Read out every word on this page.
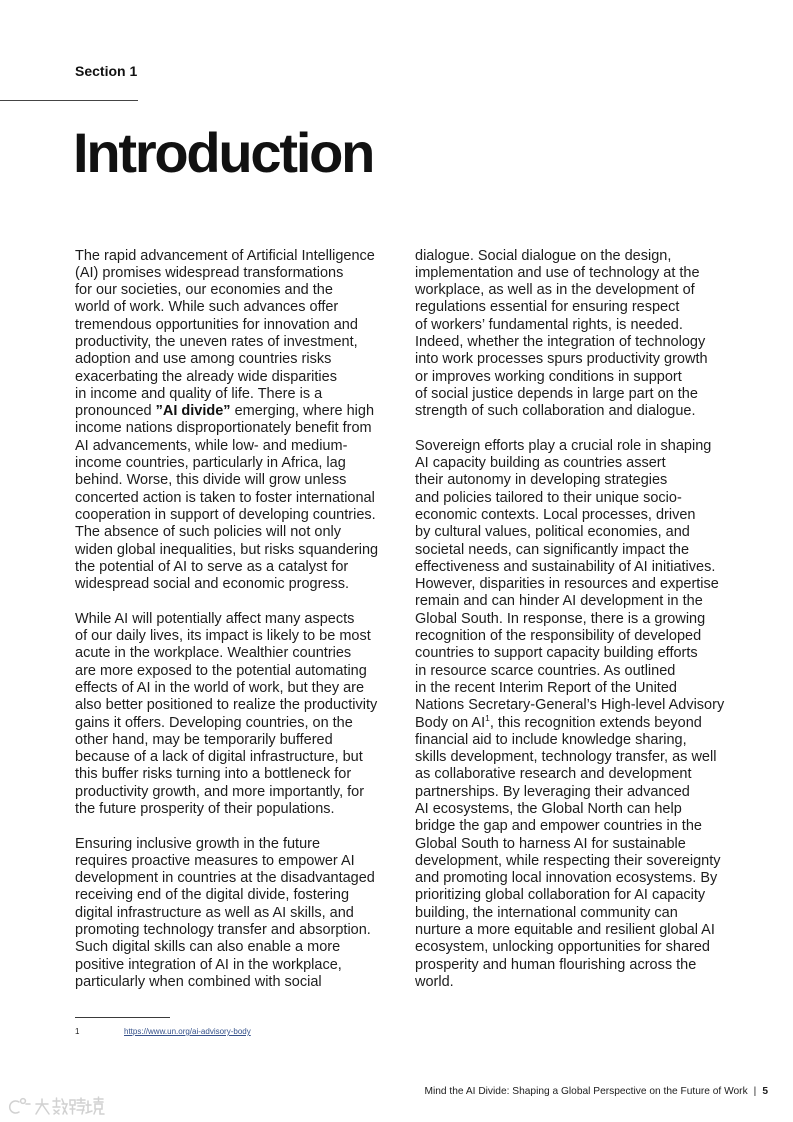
Section 1
Introduction
The rapid advancement of Artificial Intelligence
(AI) promises widespread transformations
for our societies, our economies and the
world of work. While such advances offer
tremendous opportunities for innovation and
productivity, the uneven rates of investment,
adoption and use among countries risks
exacerbating the already wide disparities
in income and quality of life. There is a
pronounced ”AI divide” emerging, where high
income nations disproportionately benefit from
AI advancements, while low- and medium-
income countries, particularly in Africa, lag
behind. Worse, this divide will grow unless
concerted action is taken to foster international
cooperation in support of developing countries.
The absence of such policies will not only
widen global inequalities, but risks squandering
the potential of AI to serve as a catalyst for
widespread social and economic progress.
While AI will potentially affect many aspects
of our daily lives, its impact is likely to be most
acute in the workplace. Wealthier countries
are more exposed to the potential automating
effects of AI in the world of work, but they are
also better positioned to realize the productivity
gains it offers. Developing countries, on the
other hand, may be temporarily buffered
because of a lack of digital infrastructure, but
this buffer risks turning into a bottleneck for
productivity growth, and more importantly, for
the future prosperity of their populations.
Ensuring inclusive growth in the future
requires proactive measures to empower AI
development in countries at the disadvantaged
receiving end of the digital divide, fostering
digital infrastructure as well as AI skills, and
promoting technology transfer and absorption.
Such digital skills can also enable a more
positive integration of AI in the workplace,
particularly when combined with social
dialogue. Social dialogue on the design,
implementation and use of technology at the
workplace, as well as in the development of
regulations essential for ensuring respect
of workers’ fundamental rights, is needed.
Indeed, whether the integration of technology
into work processes spurs productivity growth
or improves working conditions in support
of social justice depends in large part on the
strength of such collaboration and dialogue.
Sovereign efforts play a crucial role in shaping
AI capacity building as countries assert
their autonomy in developing strategies
and policies tailored to their unique socio-
economic contexts. Local processes, driven
by cultural values, political economies, and
societal needs, can significantly impact the
effectiveness and sustainability of AI initiatives.
However, disparities in resources and expertise
remain and can hinder AI development in the
Global South. In response, there is a growing
recognition of the responsibility of developed
countries to support capacity building efforts
in resource scarce countries. As outlined
in the recent Interim Report of the United
Nations Secretary-General’s High-level Advisory
Body on $AI^1$, this recognition extends beyond
financial aid to include knowledge sharing,
skills development, technology transfer, as well
as collaborative research and development
partnerships. By leveraging their advanced
AI ecosystems, the Global North can help
bridge the gap and empower countries in the
Global South to harness AI for sustainable
development, while respecting their sovereignty
and promoting local innovation ecosystems. By
prioritizing global collaboration for AI capacity
building, the international community can
nurture a more equitable and resilient global AI
ecosystem, unlocking opportunities for shared
prosperity and human flourishing across the
world.
1	https://www.un.org/ai-advisory-body
Mind the AI Divide: Shaping a Global Perspective on the Future of Work | 5
